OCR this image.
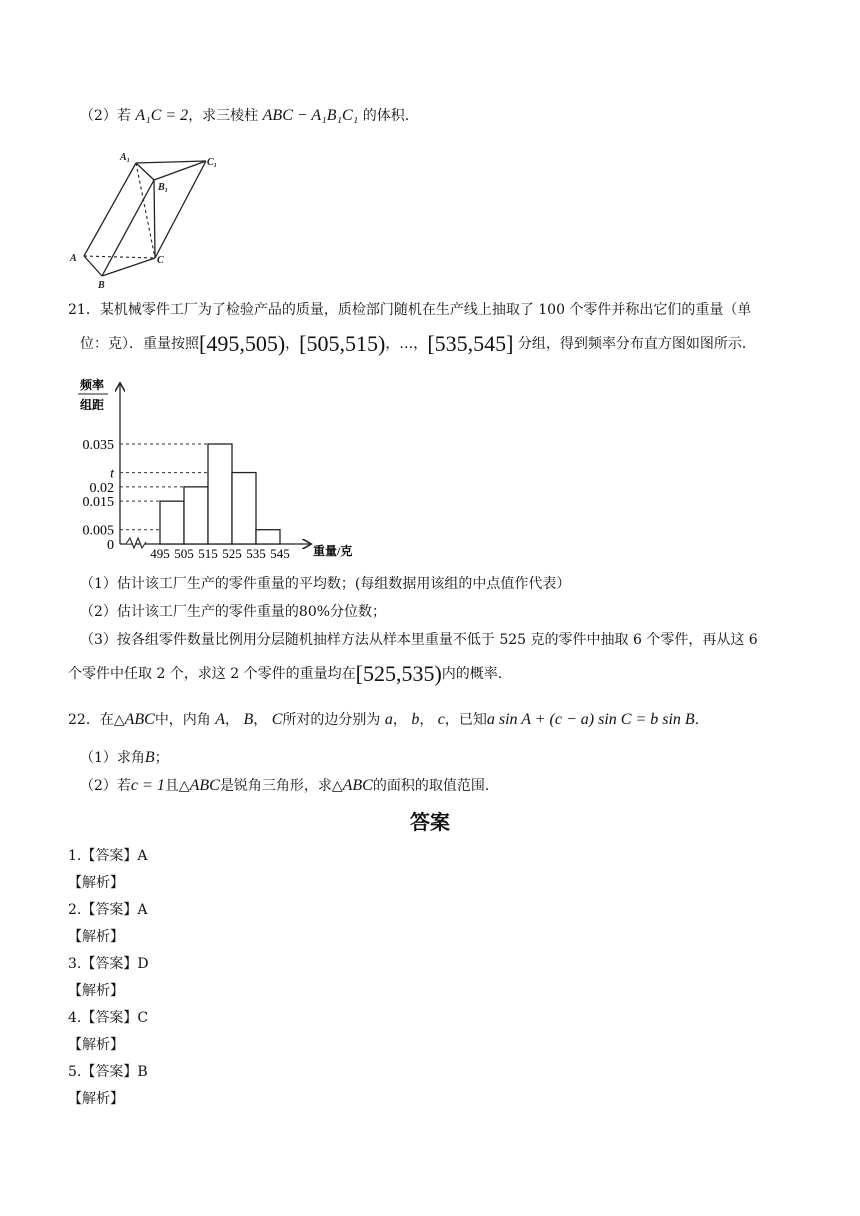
（2）若 A₁C = 2，求三棱柱 ABC − A₁B₁C₁ 的体积.
A₁	C₁
B₁
A	C
B
21．某机械零件工厂为了检验产品的质量，质检部门随机在生产线上抽取了 100 个零件并称出它们的重量（单
位：克）．重量按照[495,505)，[505,515)，…，[535,545] 分组，得到频率分布直方图如图所示．
频率
组距
重量/克
0.035
t
0.02
0.015
0.005
0
495 505 515 525 535 545
（1）估计该工厂生产的零件重量的平均数；(每组数据用该组的中点值作代表）
（2）估计该工厂生产的零件重量的80%分位数；
（3）按各组零件数量比例用分层随机抽样方法从样本里重量不低于 525 克的零件中抽取 6 个零件，再从这 6
个零件中任取 2 个，求这 2 个零件的重量均在[525,535)内的概率.
22．在△ABC中，内角 A， B， C所对的边分别为 a， b， c，已知a sin A + (c − a) sin C = b sin B.
（1）求角B；
（2）若c = 1且△ABC是锐角三角形，求△ABC的面积的取值范围.
答案
1.【答案】A
【解析】
2.【答案】A
【解析】
3.【答案】D
【解析】
4.【答案】C
【解析】
5.【答案】B
【解析】
